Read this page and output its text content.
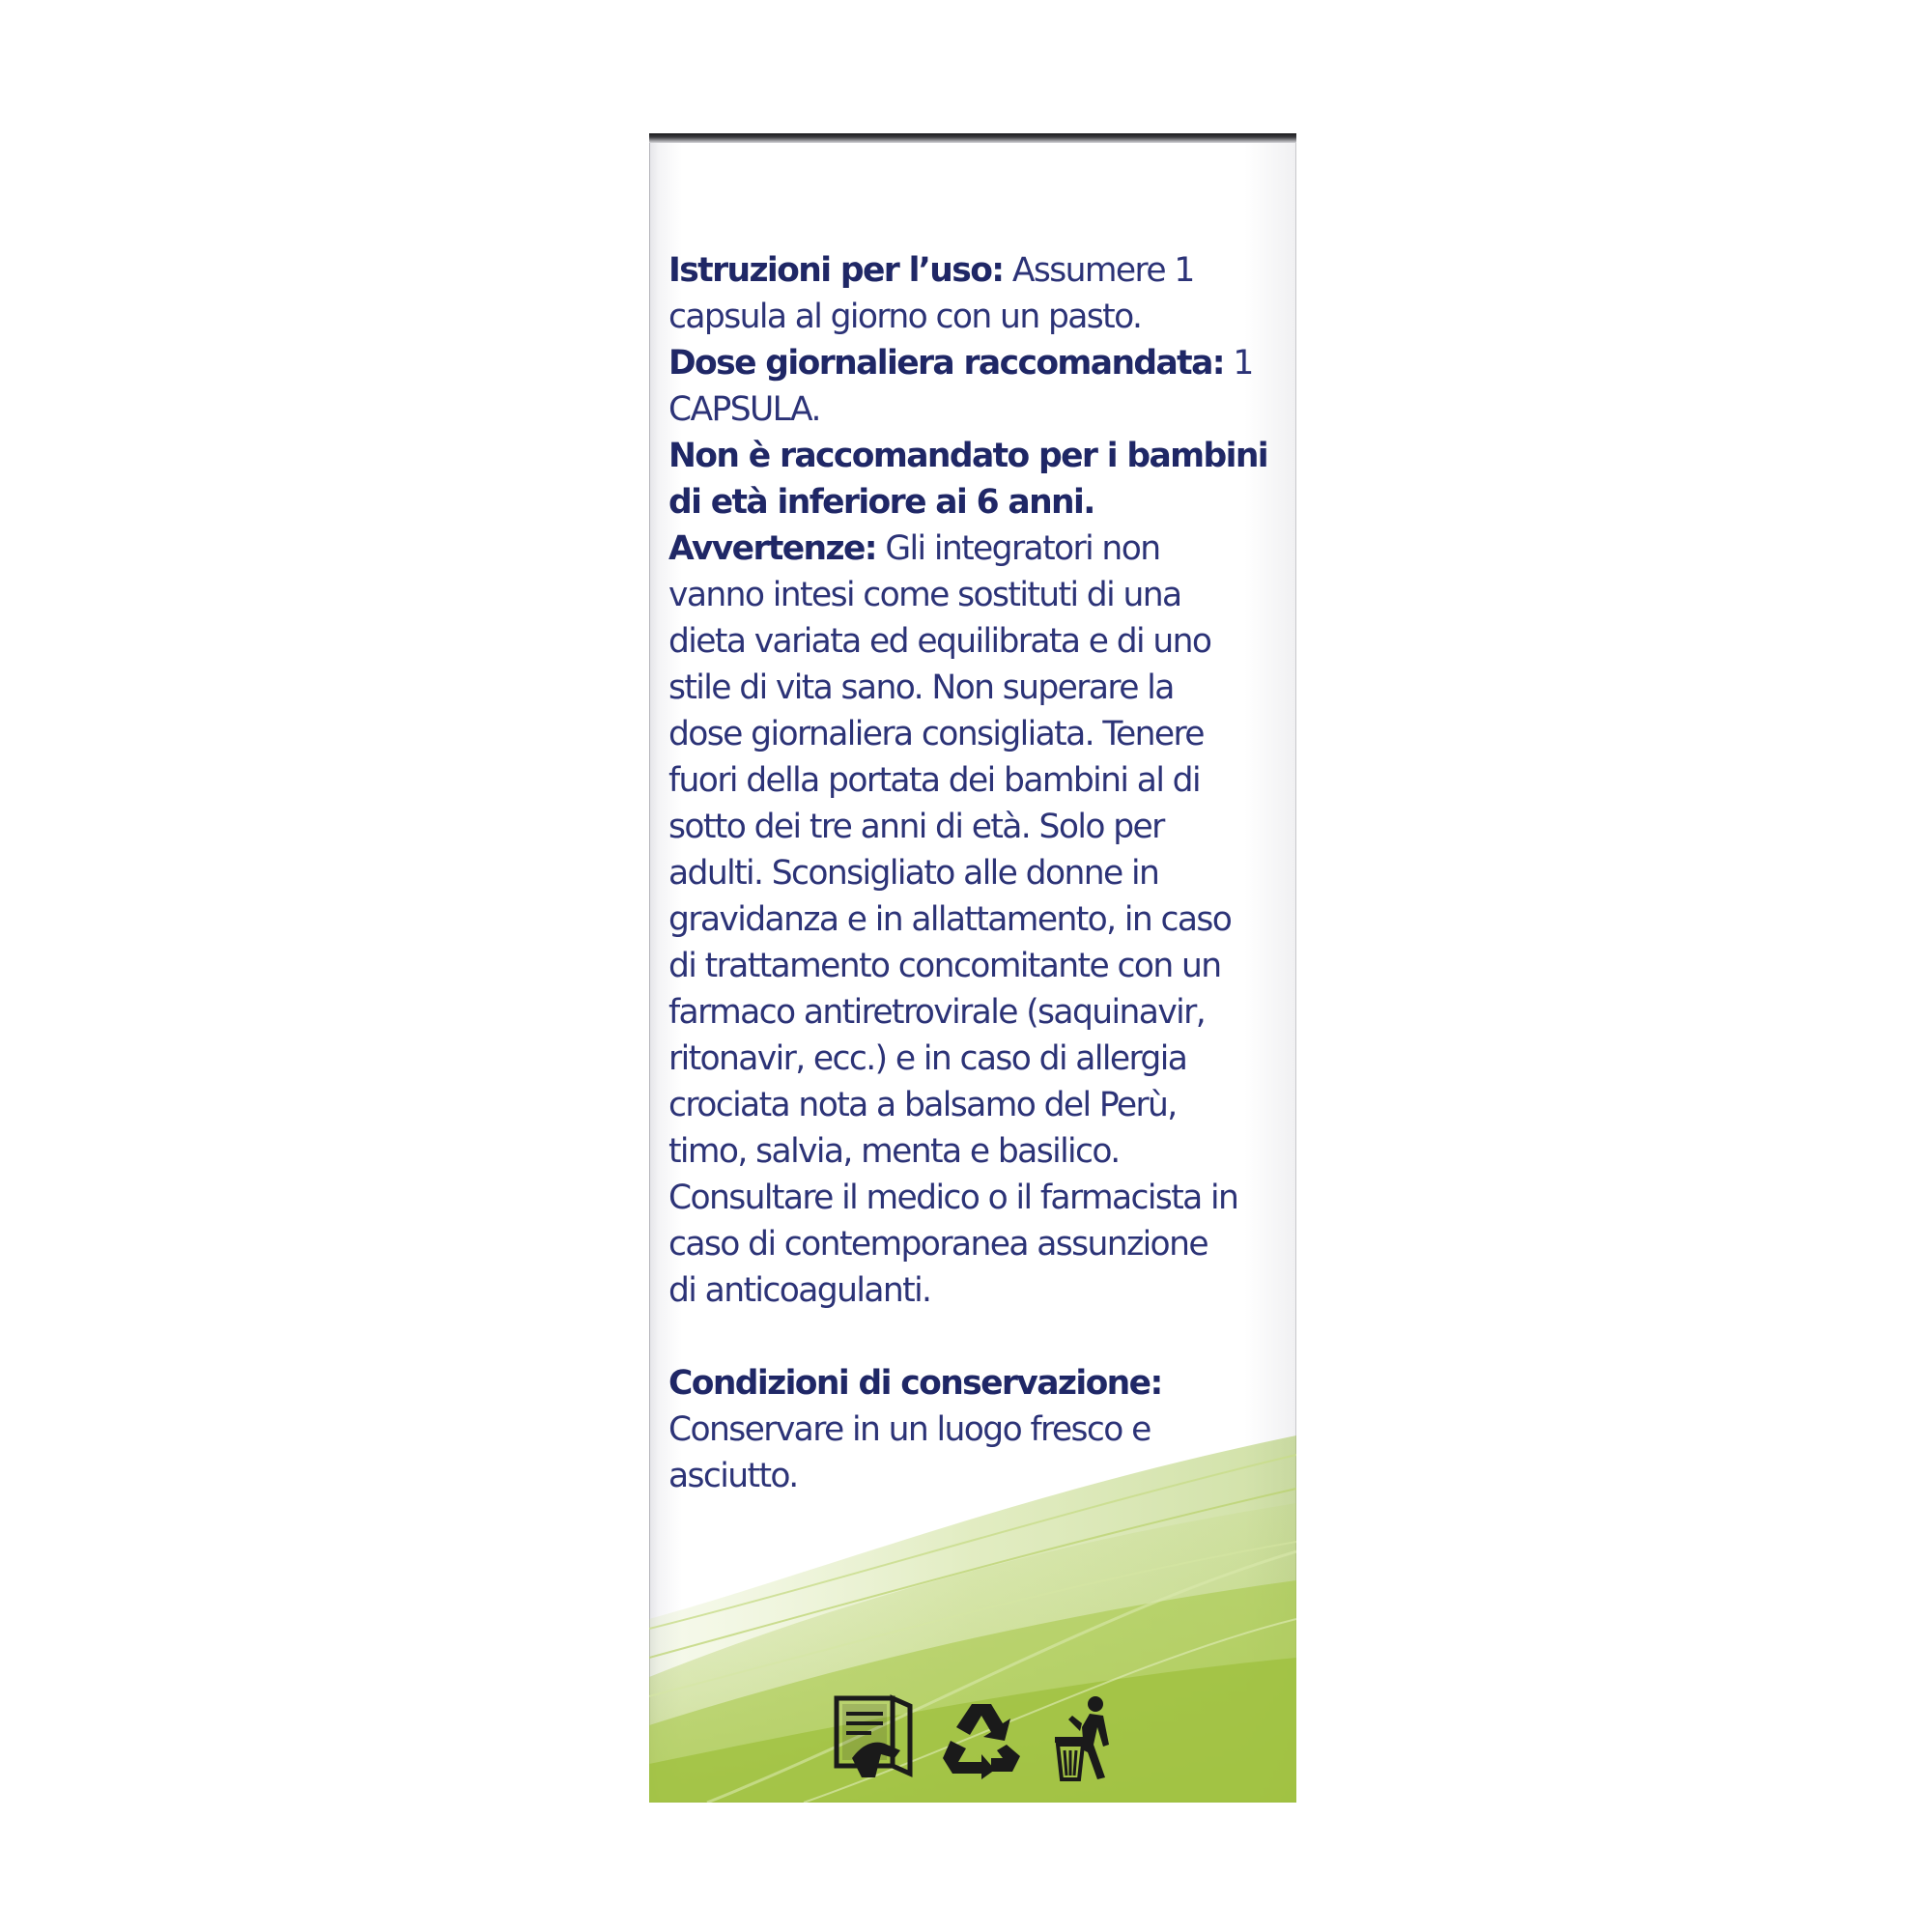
Istruzioni per l’uso: Assumere 1

capsula al giorno con un pasto.

Dose giornaliera raccomandata: 1

CAPSULA.

Non è raccomandato per i bambini

di età inferiore ai 6 anni.

Avvertenze: Gli integratori non

vanno intesi come sostituti di una

dieta variata ed equilibrata e di uno

stile di vita sano. Non superare la

dose giornaliera consigliata. Tenere

fuori della portata dei bambini al di

sotto dei tre anni di età. Solo per

adulti. Sconsigliato alle donne in

gravidanza e in allattamento, in caso

di trattamento concomitante con un

farmaco antiretrovirale (saquinavir,

ritonavir, ecc.) e in caso di allergia

crociata nota a balsamo del Perù,

timo, salvia, menta e basilico.

Consultare il medico o il farmacista in

caso di contemporanea assunzione

di anticoagulanti.

Condizioni di conservazione:

Conservare in un luogo fresco e

asciutto.
